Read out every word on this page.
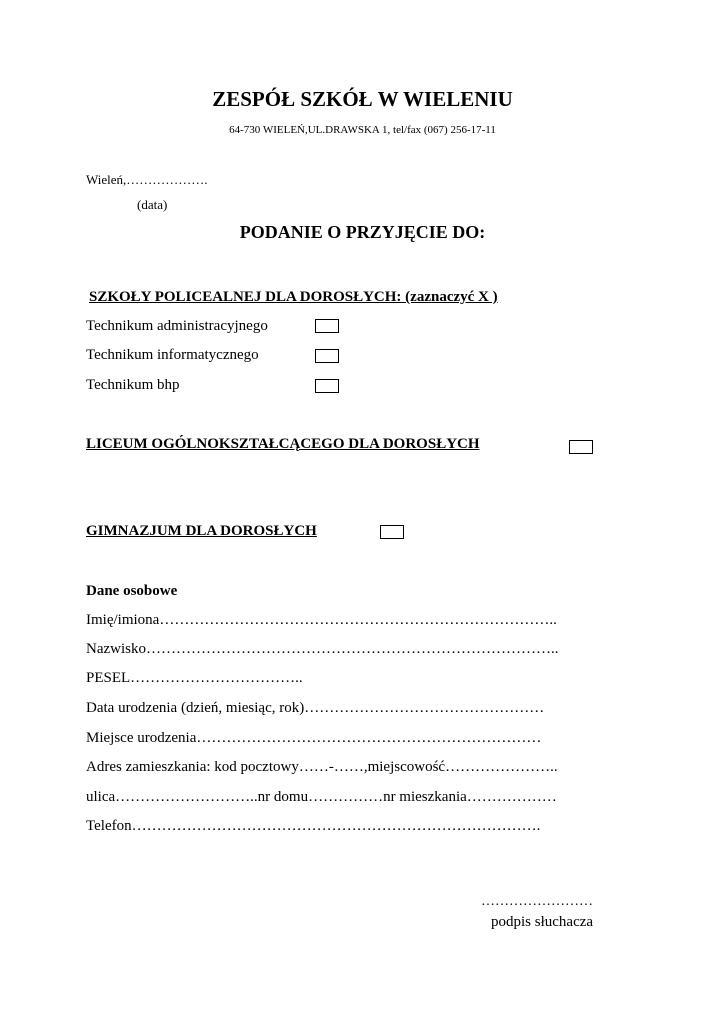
ZESPÓŁ SZKÓŁ W WIELENIU
64-730 WIELEŃ,UL.DRAWSKA 1, tel/fax (067) 256-17-11
Wieleń,……………….
(data)
PODANIE O PRZYJĘCIE DO:
SZKOŁY POLICEALNEJ DLA DOROSŁYCH: (zaznaczyć X )
Technikum administracyjnego
Technikum informatycznego
Technikum bhp
LICEUM OGÓLNOKSZTAŁCĄCEGO DLA DOROSŁYCH
GIMNAZJUM DLA DOROSŁYCH
Dane osobowe
Imię/imiona……………………………………………………………………..
Nazwisko………………………………………………………………………..
PESEL……………………………..
Data urodzenia (dzień, miesiąc, rok)…………………………………………
Miejsce urodzenia……………………………………………………………
Adres zamieszkania: kod pocztowy……-……,miejscowość…………………..
ulica………………………..nr domu……………nr mieszkania………………
Telefon……………………………………………………………………….
……………………
podpis słuchacza
